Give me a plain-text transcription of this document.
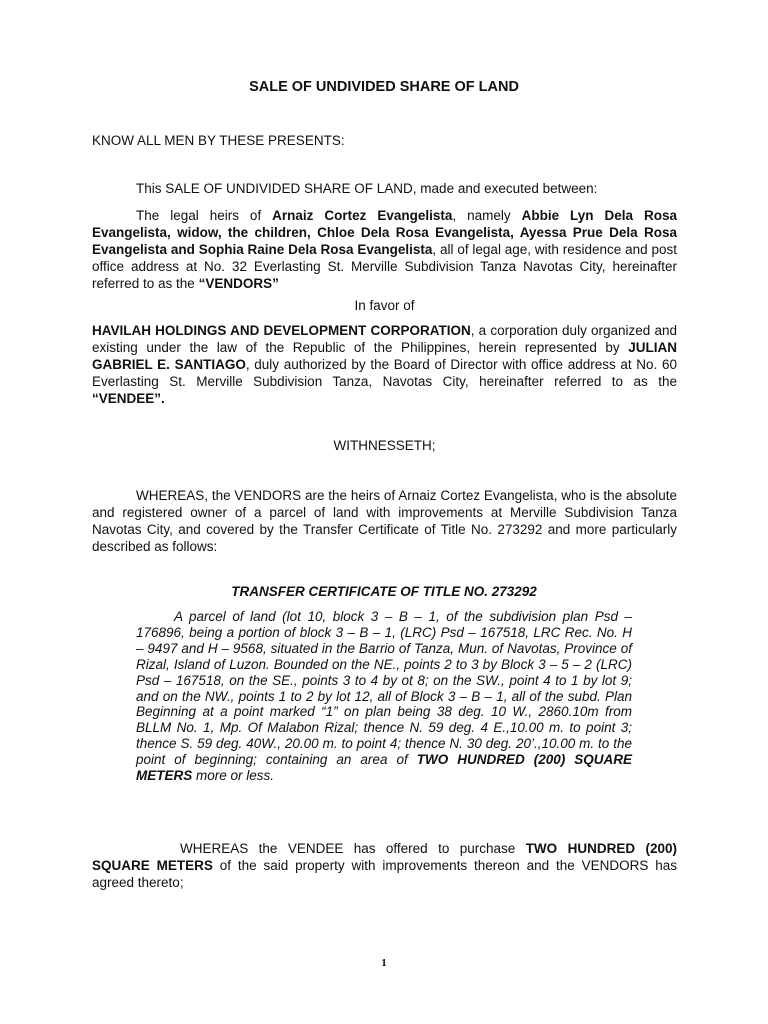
SALE OF UNDIVIDED SHARE OF LAND

KNOW ALL MEN BY THESE PRESENTS:

This SALE OF UNDIVIDED SHARE OF LAND, made and executed between:

The legal heirs of Arnaiz Cortez Evangelista, namely Abbie Lyn Dela Rosa Evangelista, widow, the children, Chloe Dela Rosa Evangelista, Ayessa Prue Dela Rosa Evangelista and Sophia Raine Dela Rosa Evangelista, all of legal age, with residence and post office address at No. 32 Everlasting St. Merville Subdivision Tanza Navotas City, hereinafter referred to as the “VENDORS”

In favor of

HAVILAH HOLDINGS AND DEVELOPMENT CORPORATION, a corporation duly organized and existing under the law of the Republic of the Philippines, herein represented by JULIAN GABRIEL E. SANTIAGO, duly authorized by the Board of Director with office address at No. 60 Everlasting St. Merville Subdivision Tanza, Navotas City, hereinafter referred to as the “VENDEE”.

WITHNESSETH;

WHEREAS, the VENDORS are the heirs of Arnaiz Cortez Evangelista, who is the absolute and registered owner of a parcel of land with improvements at Merville Subdivision Tanza Navotas City, and covered by the Transfer Certificate of Title No. 273292 and more particularly described as follows:

TRANSFER CERTIFICATE OF TITLE NO. 273292

A parcel of land (lot 10, block 3 – B – 1, of the subdivision plan Psd – 176896, being a portion of block 3 – B – 1, (LRC) Psd – 167518, LRC Rec. No. H – 9497 and H – 9568, situated in the Barrio of Tanza, Mun. of Navotas, Province of Rizal, Island of Luzon. Bounded on the NE., points 2 to 3 by Block 3 – 5 – 2 (LRC) Psd – 167518, on the SE., points 3 to 4 by ot 8; on the SW., point 4 to 1 by lot 9; and on the NW., points 1 to 2 by lot 12, all of Block 3 – B – 1, all of the subd. Plan Beginning at a point marked “1” on plan being 38 deg. 10 W., 2860.10m from BLLM No. 1, Mp. Of Malabon Rizal; thence N. 59 deg. 4 E.,10.00 m. to point 3; thence S. 59 deg. 40W., 20.00 m. to point 4; thence N. 30 deg. 20’.,10.00 m. to the point of beginning; containing an area of TWO HUNDRED (200) SQUARE METERS more or less.

WHEREAS the VENDEE has offered to purchase TWO HUNDRED (200) SQUARE METERS of the said property with improvements thereon and the VENDORS has agreed thereto;

1
